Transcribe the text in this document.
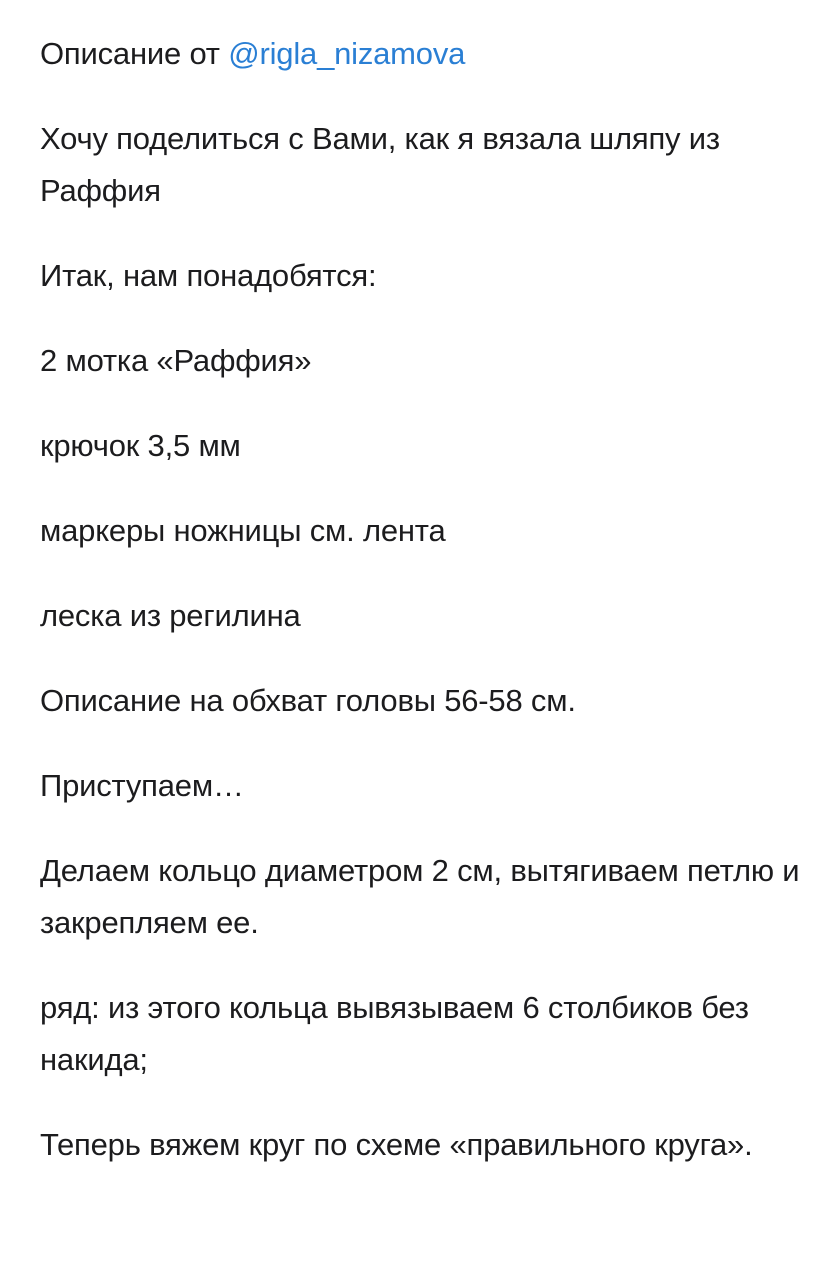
Описание от @rigla_nizamova

Хочу поделиться с Вами, как я вязала шляпу из Раффия

Итак, нам понадобятся:

2 мотка «Раффия»

крючок 3,5 мм

маркеры ножницы см. лента

леска из регилина

Описание на обхват головы 56-58 см.

Приступаем…

Делаем кольцо диаметром 2 см, вытягиваем петлю и закрепляем ее.

ряд: из этого кольца вывязываем 6 столбиков без накида;

Теперь вяжем круг по схеме «правильного круга».
